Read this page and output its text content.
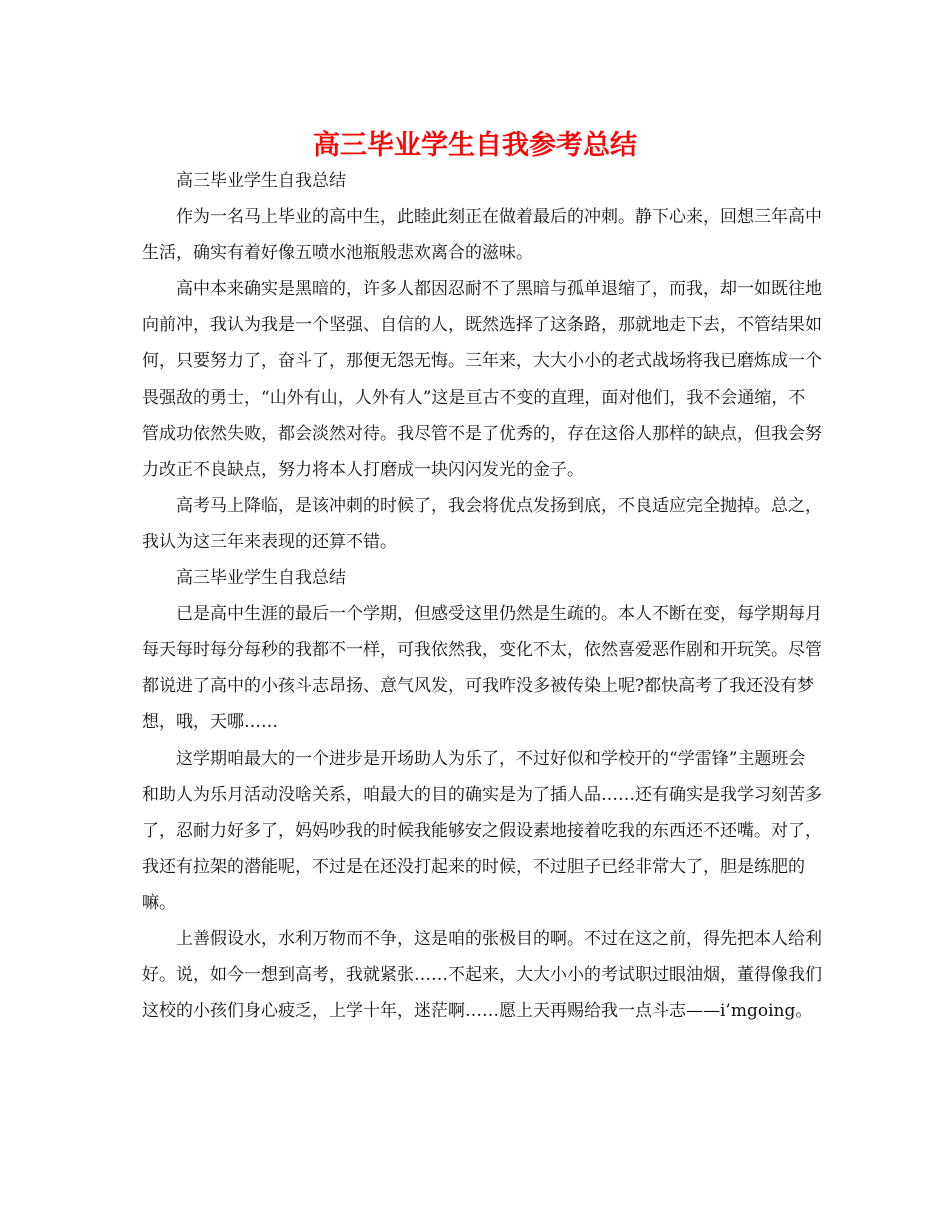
高三毕业学生自我参考总结

高三毕业学生自我总结

作为一名马上毕业的高中生，此睦此刻正在做着最后的冲刺。静下心来，回想三年高中生活，确实有着好像五喷水池瓶般悲欢离合的滋味。

高中本来确实是黑暗的，许多人都因忍耐不了黑暗与孤单退缩了，而我，却一如既往地向前冲，我认为我是一个坚强、自信的人，既然选择了这条路，那就地走下去，不管结果如何，只要努力了，奋斗了，那便无怨无悔。三年来，大大小小的老式战场将我已磨炼成一个畏强敌的勇士，“山外有山，人外有人”这是亘古不变的直理，面对他们，我不会通缩，不管成功依然失败，都会淡然对待。我尽管不是了优秀的，存在这俗人那样的缺点，但我会努力改正不良缺点，努力将本人打磨成一块闪闪发光的金子。

高考马上降临，是该冲刺的时候了，我会将优点发扬到底，不良适应完全抛掉。总之，我认为这三年来表现的还算不错。

高三毕业学生自我总结

已是高中生涯的最后一个学期，但感受这里仍然是生疏的。本人不断在变，每学期每月每天每时每分每秒的我都不一样，可我依然我，变化不太，依然喜爱恶作剧和开玩笑。尽管都说进了高中的小孩斗志昂扬、意气风发，可我咋没多被传染上呢?都快高考了我还没有梦想，哦，天哪……

这学期咱最大的一个进步是开场助人为乐了，不过好似和学校开的“学雷锋”主题班会和助人为乐月活动没啥关系，咱最大的目的确实是为了插人品……还有确实是我学习刻苦多了，忍耐力好多了，妈妈吵我的时候我能够安之假设素地接着吃我的东西还不还嘴。对了，我还有拉架的潜能呢，不过是在还没打起来的时候，不过胆子已经非常大了，胆是练肥的嘛。

上善假设水，水利万物而不争，这是咱的张极目的啊。不过在这之前，得先把本人给利好。说，如今一想到高考，我就紧张……不起来，大大小小的考试职过眼油烟，董得像我们这校的小孩们身心疲乏，上学十年，迷茫啊……愿上天再赐给我一点斗志——i’mgoing。
